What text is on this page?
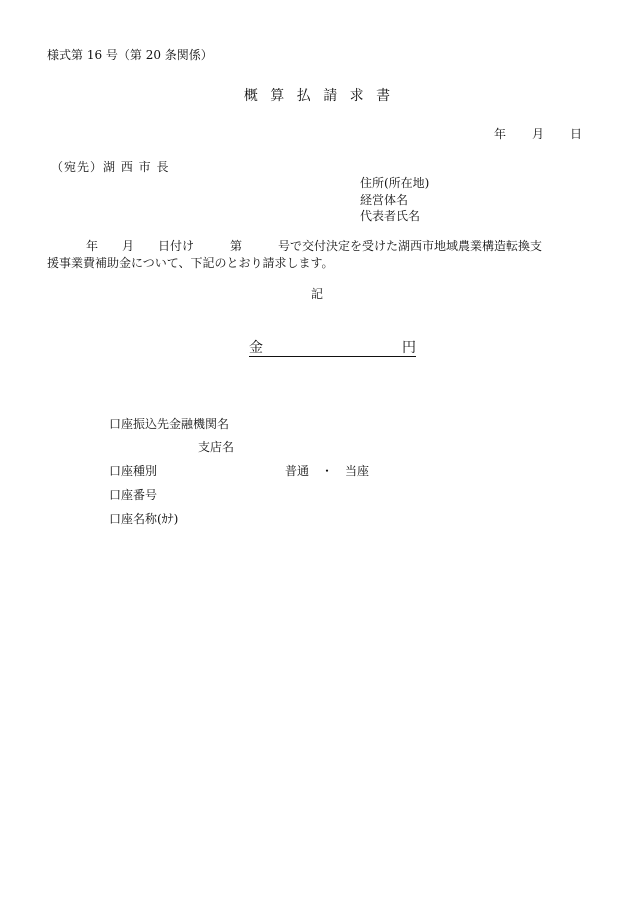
様式第 16 号（第 20 条関係）
概 算 払 請 求 書
年 月 日
（宛先）湖 西 市 長
住所(所在地)
経営体名
代表者氏名
年　　月　　日付け　　　第　　　号で交付決定を受けた湖西市地域農業構造転換支
援事業費補助金について、下記のとおり請求します。
記
金	円
口座振込先金融機関名
支店名
口座種別	普通　・　当座
口座番号
口座名称(ｶﾅ)
